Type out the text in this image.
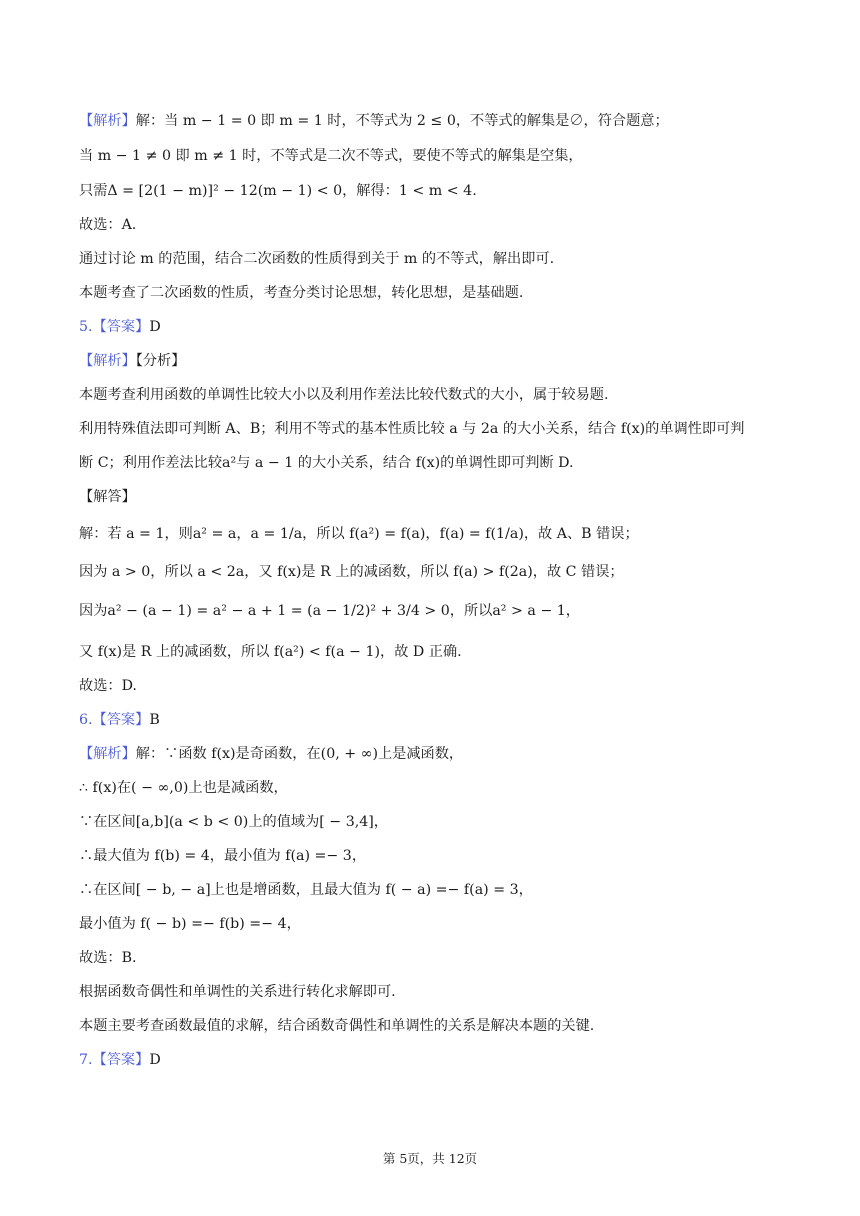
【解析】解：当 m − 1 = 0 即 m = 1 时，不等式为 2 ≤ 0，不等式的解集是∅，符合题意；
当 m − 1 ≠ 0 即 m ≠ 1 时，不等式是二次不等式，要使不等式的解集是空集，
只需Δ = [2(1 − m)]² − 12(m − 1) < 0，解得：1 < m < 4.
故选：A.
通过讨论 m 的范围，结合二次函数的性质得到关于 m 的不等式，解出即可.
本题考查了二次函数的性质，考查分类讨论思想，转化思想，是基础题.
5.【答案】D
【解析】【分析】
本题考查利用函数的单调性比较大小以及利用作差法比较代数式的大小，属于较易题.
利用特殊值法即可判断 A、B；利用不等式的基本性质比较 a 与 2a 的大小关系，结合 f(x)的单调性即可判
断 C；利用作差法比较a²与 a − 1 的大小关系，结合 f(x)的单调性即可判断 D.
【解答】
解：若 a = 1，则a² = a，a = 1/a，所以 f(a²) = f(a)，f(a) = f(1/a)，故 A、B 错误；
因为 a > 0，所以 a < 2a，又 f(x)是 R 上的减函数，所以 f(a) > f(2a)，故 C 错误；
因为a² − (a − 1) = a² − a + 1 = (a − 1/2)² + 3/4 > 0，所以a² > a − 1，
又 f(x)是 R 上的减函数，所以 f(a²) < f(a − 1)，故 D 正确.
故选：D.
6.【答案】B
【解析】解：∵函数 f(x)是奇函数，在(0, + ∞)上是减函数，
∴ f(x)在( − ∞,0)上也是减函数，
∵在区间[a,b](a < b < 0)上的值域为[ − 3,4]，
∴最大值为 f(b) = 4，最小值为 f(a) =− 3，
∴在区间[ − b, − a]上也是增函数，且最大值为 f( − a) =− f(a) = 3，
最小值为 f( − b) =− f(b) =− 4，
故选：B.
根据函数奇偶性和单调性的关系进行转化求解即可.
本题主要考查函数最值的求解，结合函数奇偶性和单调性的关系是解决本题的关键.
7.【答案】D
第 5页，共 12页
